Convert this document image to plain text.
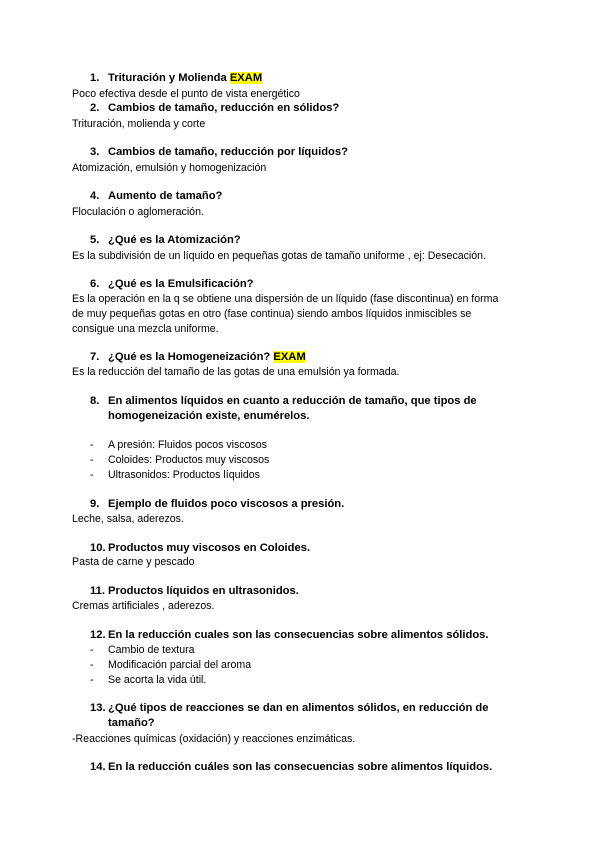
1. Trituración y Molienda EXAM
Poco efectiva desde el punto de vista energético
2. Cambios de tamaño, reducción en sólidos?
Trituración, molienda y corte
3. Cambios de tamaño, reducción por líquidos?
Atomización, emulsión y homogenización
4. Aumento de tamaño?
Floculación o aglomeración.
5. ¿Qué es la Atomización?
Es la subdivisión de un líquido en pequeñas gotas de tamaño uniforme , ej: Desecación.
6. ¿Qué es la Emulsificación?
Es la operación en la q se obtiene una dispersión de un líquido (fase discontinua) en forma
de muy pequeñas gotas en otro (fase continua) siendo ambos líquidos inmiscibles se
consigue una mezcla uniforme.
7. ¿Qué es la Homogeneización? EXAM
Es la reducción del tamaño de las gotas de una emulsión ya formada.
8. En alimentos líquidos en cuanto a reducción de tamaño, que tipos de
homogeneización existe, enumérelos.
- A presión: Fluidos pocos viscosos
- Coloides: Productos muy viscosos
- Ultrasonidos: Productos líquidos
9. Ejemplo de fluidos poco viscosos a presión.
Leche, salsa, aderezos.
10. Productos muy viscosos en Coloides.
Pasta de carne y pescado
11. Productos líquidos en ultrasonidos.
Cremas artificiales , aderezos.
12. En la reducción cuales son las consecuencias sobre alimentos sólidos.
- Cambio de textura
- Modificación parcial del aroma
- Se acorta la vida útil.
13. ¿Qué tipos de reacciones se dan en alimentos sólidos, en reducción de
tamaño?
-Reacciones químicas (oxidación) y reacciones enzimáticas.
14. En la reducción cuáles son las consecuencias sobre alimentos líquidos.
